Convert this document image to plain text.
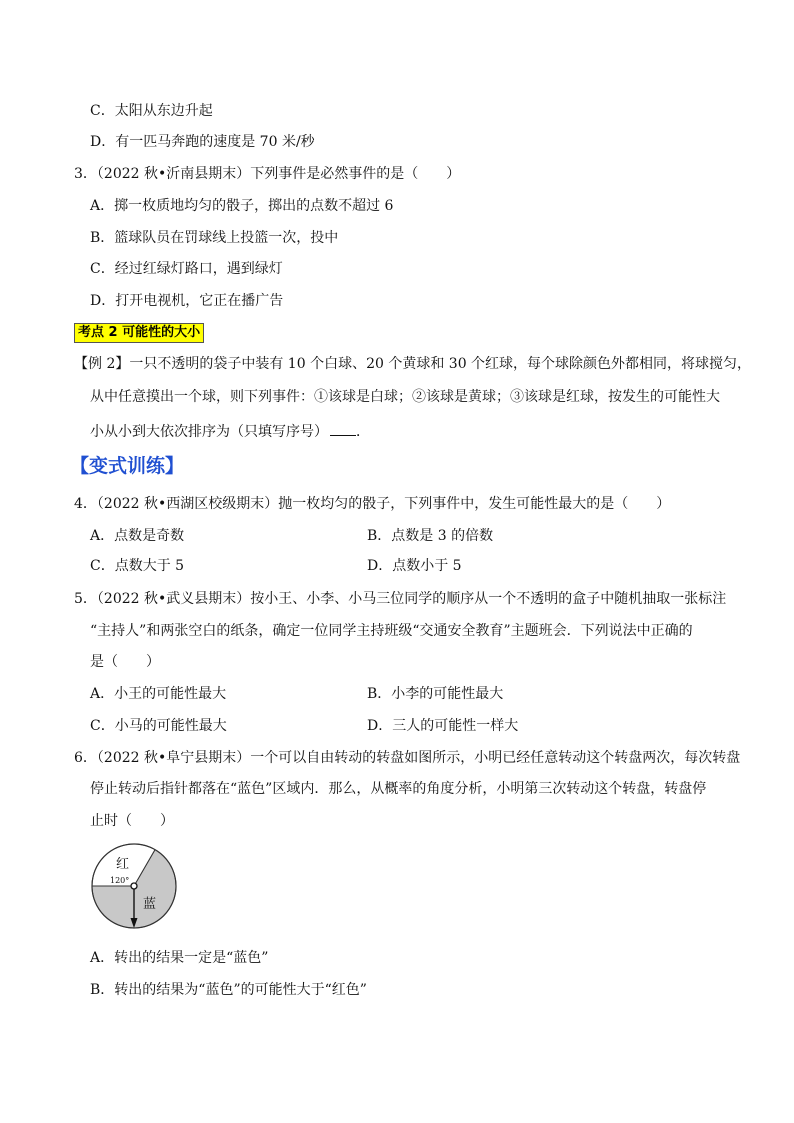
C．太阳从东边升起
D．有一匹马奔跑的速度是 70 米/秒
3．（2022 秋•沂南县期末）下列事件是必然事件的是（　　）
A．掷一枚质地均匀的骰子，掷出的点数不超过 6
B．篮球队员在罚球线上投篮一次，投中
C．经过红绿灯路口，遇到绿灯
D．打开电视机，它正在播广告
考点 2 可能性的大小
【例 2】一只不透明的袋子中装有 10 个白球、20 个黄球和 30 个红球，每个球除颜色外都相同，将球搅匀，
从中任意摸出一个球，则下列事件：①该球是白球；②该球是黄球；③该球是红球，按发生的可能性大
小从小到大依次排序为（只填写序号） ．
【变式训练】
4．（2022 秋•西湖区校级期末）抛一枚均匀的骰子，下列事件中，发生可能性最大的是（　　）
A．点数是奇数	B．点数是 3 的倍数
C．点数大于 5	D．点数小于 5
5．（2022 秋•武义县期末）按小王、小李、小马三位同学的顺序从一个不透明的盒子中随机抽取一张标注
“主持人”和两张空白的纸条，确定一位同学主持班级“交通安全教育”主题班会．下列说法中正确的
是（　　）
A．小王的可能性最大	B．小李的可能性最大
C．小马的可能性最大	D．三人的可能性一样大
6．（2022 秋•阜宁县期末）一个可以自由转动的转盘如图所示，小明已经任意转动这个转盘两次，每次转盘
停止转动后指针都落在“蓝色”区域内．那么，从概率的角度分析，小明第三次转动这个转盘，转盘停
止时（　　）
红
120°
蓝
A．转出的结果一定是“蓝色”
B．转出的结果为“蓝色”的可能性大于“红色”
